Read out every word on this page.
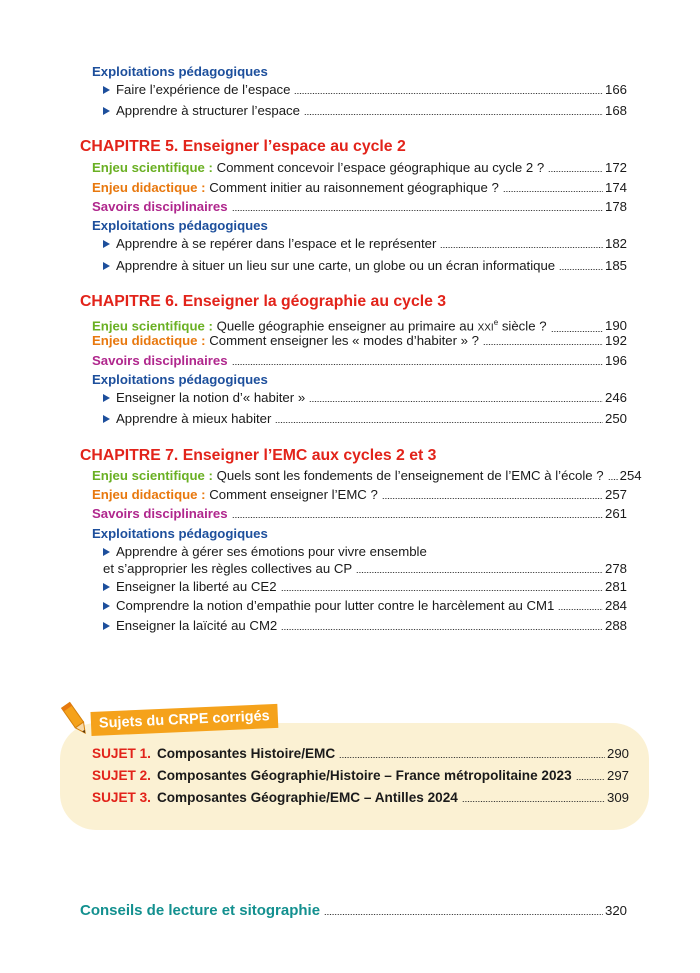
Exploitations pédagogiques
Faire l’expérience de l’espace	166
Apprendre à structurer l’espace	168
CHAPITRE 5. Enseigner l’espace au cycle 2
Enjeu scientifique : Comment concevoir l’espace géographique au cycle 2 ?	172
Enjeu didactique : Comment initier au raisonnement géographique ?	174
Savoirs disciplinaires	178
Exploitations pédagogiques
Apprendre à se repérer dans l’espace et le représenter	182
Apprendre à situer un lieu sur une carte, un globe ou un écran informatique	185
CHAPITRE 6. Enseigner la géographie au cycle 3
Enjeu scientifique : Quelle géographie enseigner au primaire au XXIe siècle ?	190
Enjeu didactique : Comment enseigner les « modes d’habiter » ?	192
Savoirs disciplinaires	196
Exploitations pédagogiques
Enseigner la notion d’« habiter »	246
Apprendre à mieux habiter	250
CHAPITRE 7. Enseigner l’EMC aux cycles 2 et 3
Enjeu scientifique : Quels sont les fondements de l’enseignement de l’EMC à l’école ? 254
Enjeu didactique : Comment enseigner l’EMC ?	257
Savoirs disciplinaires	261
Exploitations pédagogiques
Apprendre à gérer ses émotions pour vivre ensemble
et s’approprier les règles collectives au CP	278
Enseigner la liberté au CE2	281
Comprendre la notion d’empathie pour lutter contre le harcèlement au CM1	284
Enseigner la laïcité au CM2	288
Sujets du CRPE corrigés
SUJET 1. Composantes Histoire/EMC	290
SUJET 2. Composantes Géographie/Histoire – France métropolitaine 2023	297
SUJET 3. Composantes Géographie/EMC – Antilles 2024	309
Conseils de lecture et sitographie	320
